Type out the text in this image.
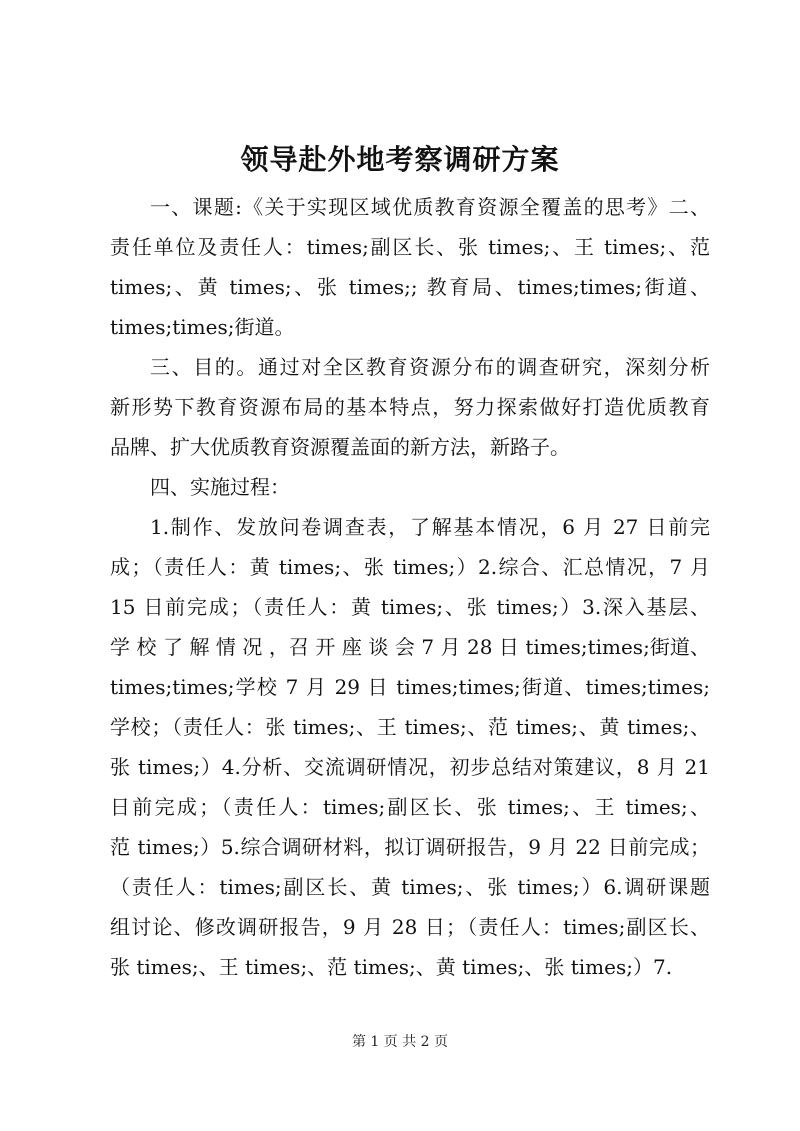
领导赴外地考察调研方案
一、课题:《关于实现区域优质教育资源全覆盖的思考》二、
责任单位及责任人：times;副区长、张 times;、王 times;、范
times;、黄 times;、张 times;; 教育局、times;times;街道、
times;times;街道。
三、目的。通过对全区教育资源分布的调查研究，深刻分析
新形势下教育资源布局的基本特点，努力探索做好打造优质教育
品牌、扩大优质教育资源覆盖面的新方法，新路子。
四、实施过程：
1.制作、发放问卷调查表，了解基本情况，6 月 27 日前完
成；（责任人：黄 times;、张 times;）2.综合、汇总情况，7 月
15 日前完成；（责任人：黄 times;、张 times;）3.深入基层、
学 校 了 解 情 况 ，召 开 座 谈 会 7 月 28 日 times;times;街道、
times;times;学校 7 月 29 日 times;times;街道、times;times;
学校；（责任人：张 times;、王 times;、范 times;、黄 times;、
张 times;）4.分析、交流调研情况，初步总结对策建议，8 月 21
日前完成；（责任人：times;副区长、张 times;、王 times;、
范 times;）5.综合调研材料，拟订调研报告，9 月 22 日前完成；
（责任人：times;副区长、黄 times;、张 times;）6.调研课题
组讨论、修改调研报告，9 月 28 日；（责任人：times;副区长、
张 times;、王 times;、范 times;、黄 times;、张 times;）7.
第 1 页 共 2 页
